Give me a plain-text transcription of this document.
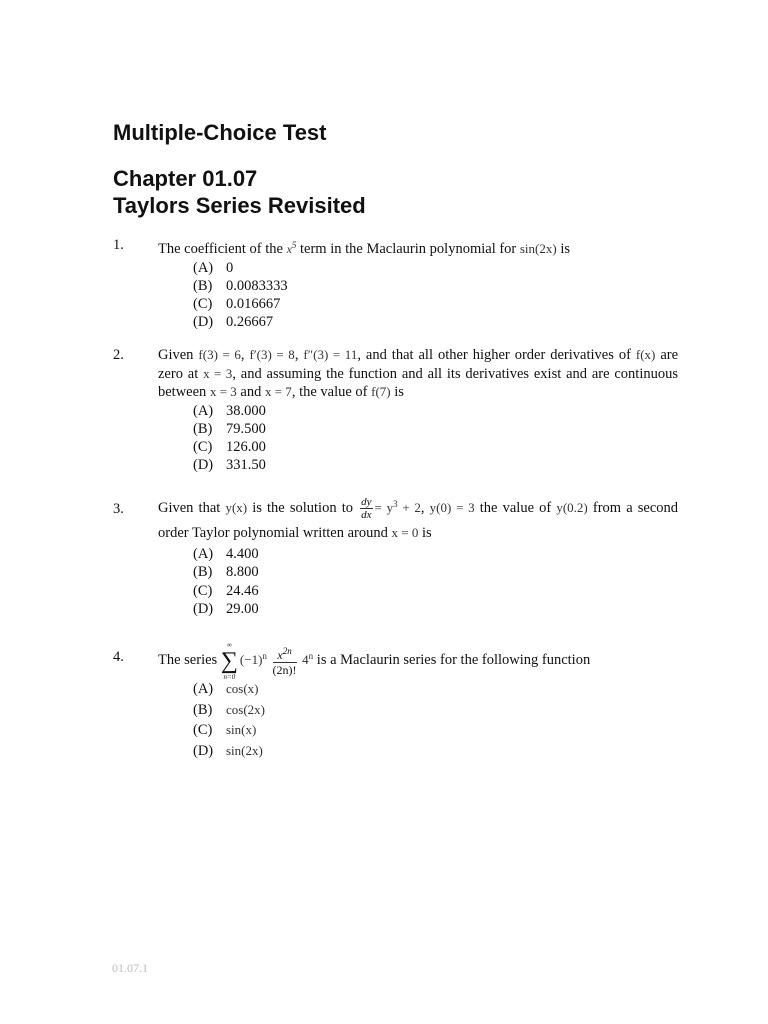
Multiple-Choice Test
Chapter 01.07
Taylors Series Revisited
1. The coefficient of the $x^5$ term in the Maclaurin polynomial for sin(2x) is
(A) 0
(B) 0.0083333
(C) 0.016667
(D) 0.26667
2. Given f(3) = 6, f′(3) = 8, f″(3) = 11, and that all other higher order derivatives of f(x) are zero at x = 3, and assuming the function and all its derivatives exist and are continuous between x = 3 and x = 7, the value of f(7) is
(A) 38.000
(B) 79.500
(C) 126.00
(D) 331.50
3. Given that y(x) is the solution to $\frac{dy}{dx} = y^3 + 2$, y(0) = 3 the value of y(0.2) from a second order Taylor polynomial written around x = 0 is
(A) 4.400
(B) 8.800
(C) 24.46
(D) 29.00
4. The series
∞
∑
n=0
$(-1)^n \frac{x^{2n}}{(2n)!} 4^n$ is a Maclaurin series for the following function
(A) cos(x)
(B) cos(2x)
(C) sin(x)
(D) sin(2x)
01.07.1
